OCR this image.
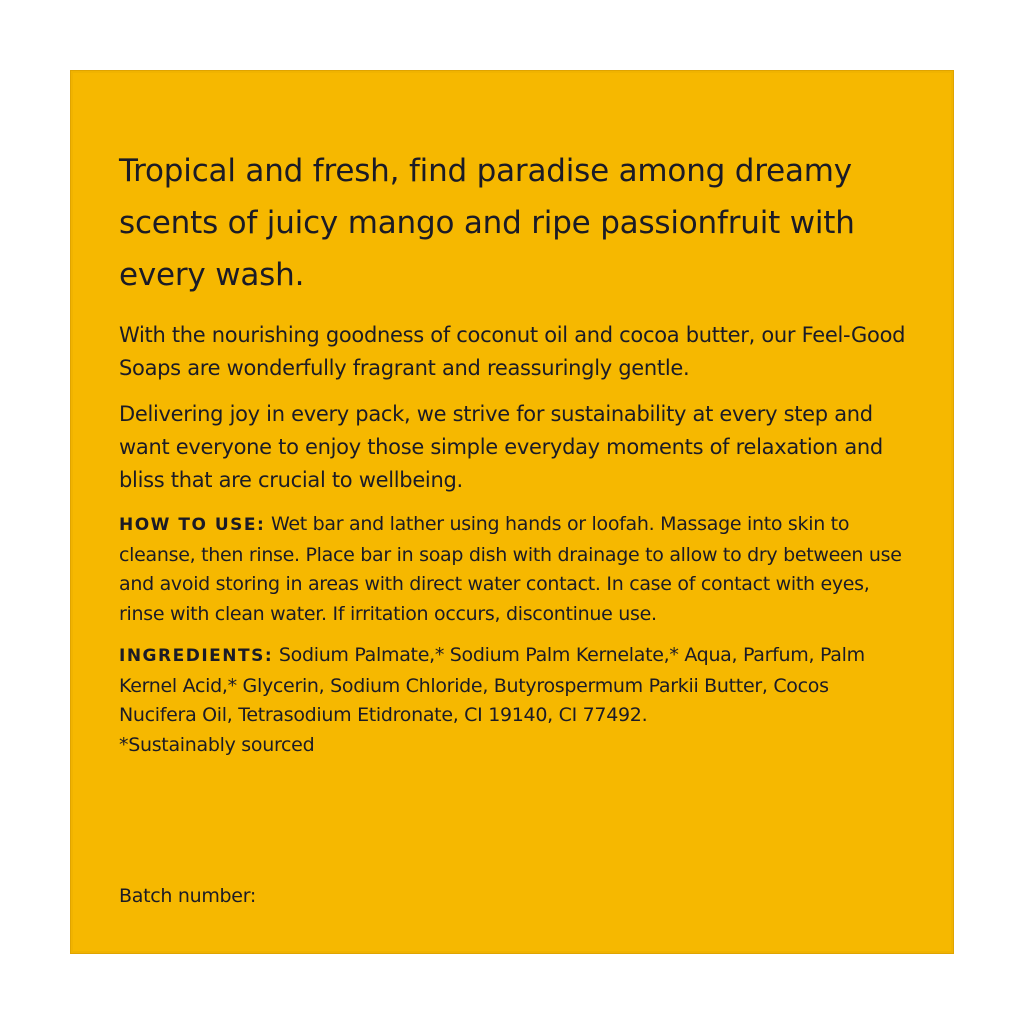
Tropical and fresh, find paradise among dreamy scents of juicy mango and ripe passionfruit with every wash.

With the nourishing goodness of coconut oil and cocoa butter, our Feel-Good Soaps are wonderfully fragrant and reassuringly gentle.

Delivering joy in every pack, we strive for sustainability at every step and want everyone to enjoy those simple everyday moments of relaxation and bliss that are crucial to wellbeing.

HOW TO USE: Wet bar and lather using hands or loofah. Massage into skin to cleanse, then rinse. Place bar in soap dish with drainage to allow to dry between use and avoid storing in areas with direct water contact. In case of contact with eyes, rinse with clean water. If irritation occurs, discontinue use.

INGREDIENTS: Sodium Palmate,* Sodium Palm Kernelate,* Aqua, Parfum, Palm Kernel Acid,* Glycerin, Sodium Chloride, Butyrospermum Parkii Butter, Cocos Nucifera Oil, Tetrasodium Etidronate, CI 19140, CI 77492.

*Sustainably sourced

Batch number:
